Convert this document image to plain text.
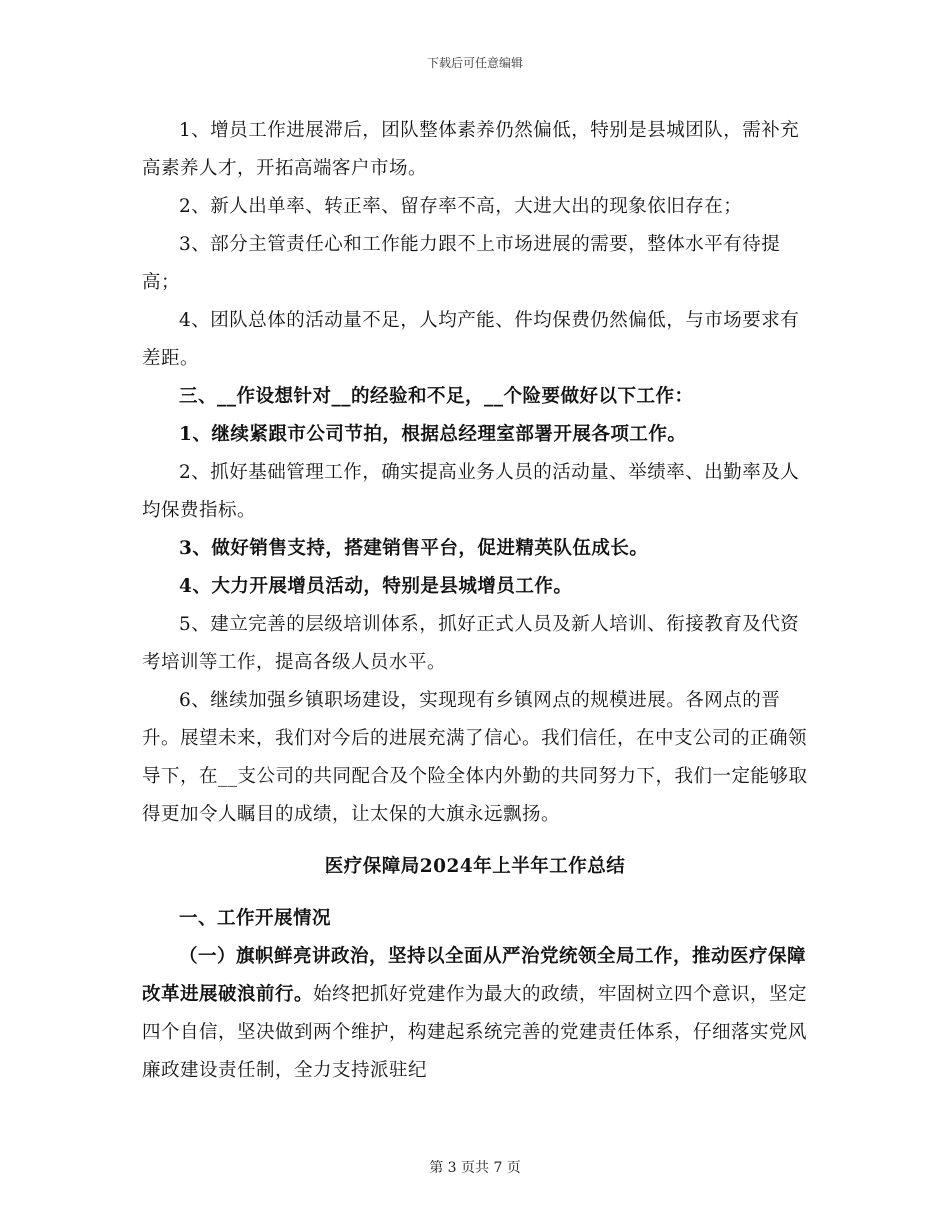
下载后可任意编辑

1、增员工作进展滞后，团队整体素养仍然偏低，特别是县城团队，需补充高素养人才，开拓高端客户市场。

2、新人出单率、转正率、留存率不高，大进大出的现象依旧存在；

3、部分主管责任心和工作能力跟不上市场进展的需要，整体水平有待提高；

4、团队总体的活动量不足，人均产能、件均保费仍然偏低，与市场要求有差距。

三、__作设想针对__的经验和不足，__个险要做好以下工作：

1、继续紧跟市公司节拍，根据总经理室部署开展各项工作。

2、抓好基础管理工作，确实提高业务人员的活动量、举绩率、出勤率及人均保费指标。

3、做好销售支持，搭建销售平台，促进精英队伍成长。

4、大力开展增员活动，特别是县城增员工作。

5、建立完善的层级培训体系，抓好正式人员及新人培训、衔接教育及代资考培训等工作，提高各级人员水平。

6、继续加强乡镇职场建设，实现现有乡镇网点的规模进展。各网点的晋升。展望未来，我们对今后的进展充满了信心。我们信任，在中支公司的正确领导下，在__支公司的共同配合及个险全体内外勤的共同努力下，我们一定能够取得更加令人瞩目的成绩，让太保的大旗永远飘扬。

医疗保障局2024年上半年工作总结

一、工作开展情况

（一）旗帜鲜亮讲政治，坚持以全面从严治党统领全局工作，推动医疗保障改革进展破浪前行。始终把抓好党建作为最大的政绩，牢固树立四个意识，坚定四个自信，坚决做到两个维护，构建起系统完善的党建责任体系，仔细落实党风廉政建设责任制，全力支持派驻纪

第 3 页共 7 页
